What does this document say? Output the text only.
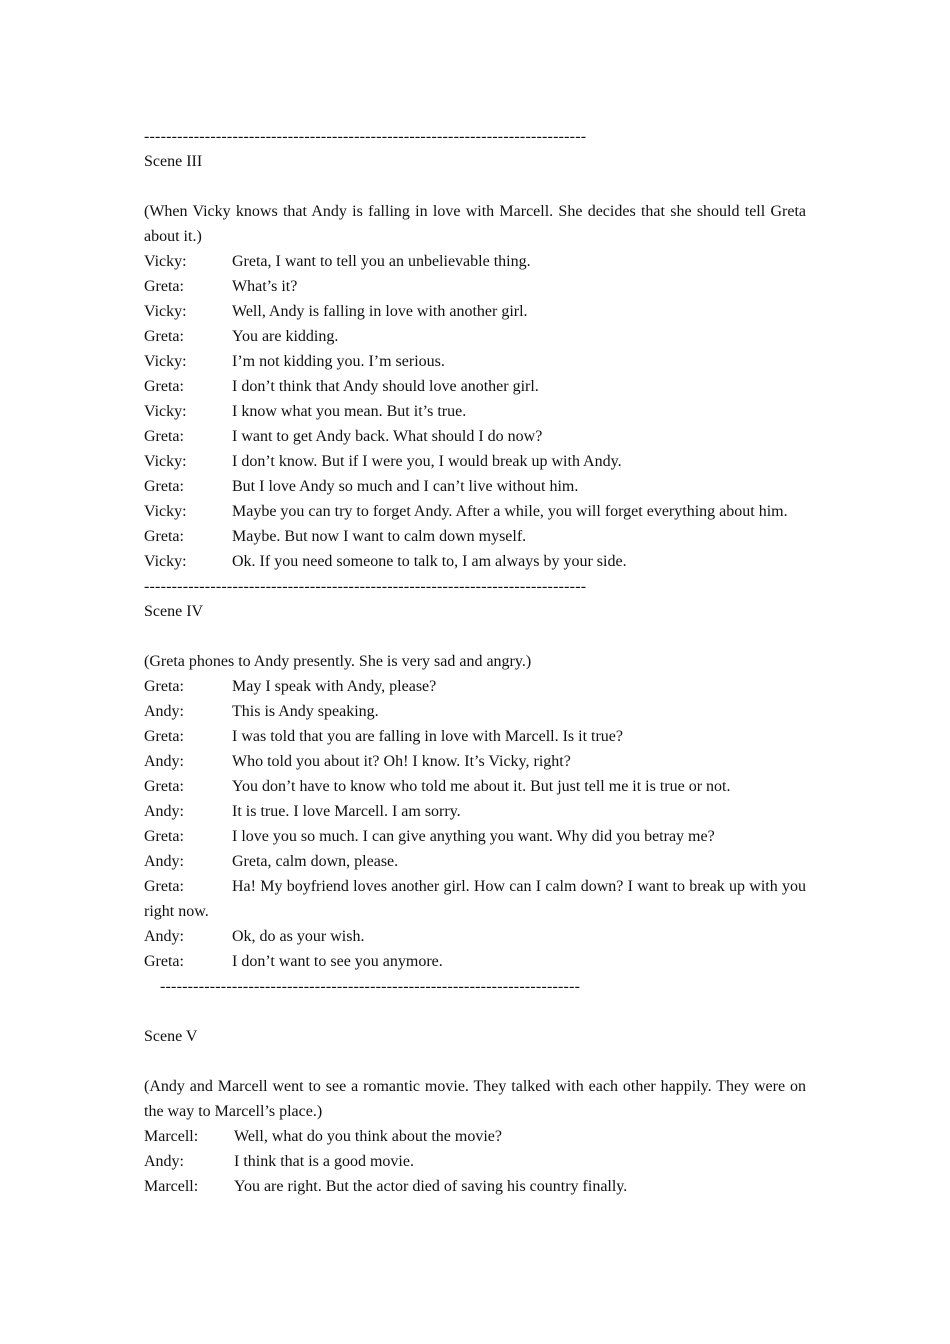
--------------------------------------------------------------------------------
Scene III
(When Vicky knows that Andy is falling in love with Marcell. She decides that she should tell Greta about it.)
Vicky:	Greta, I want to tell you an unbelievable thing.
Greta:	What’s it?
Vicky:	Well, Andy is falling in love with another girl.
Greta:	You are kidding.
Vicky:	I’m not kidding you. I’m serious.
Greta:	I don’t think that Andy should love another girl.
Vicky:	I know what you mean. But it’s true.
Greta:	I want to get Andy back. What should I do now?
Vicky:	I don’t know. But if I were you, I would break up with Andy.
Greta:	But I love Andy so much and I can’t live without him.
Vicky:	Maybe you can try to forget Andy. After a while, you will forget everything about him.
Greta:	Maybe. But now I want to calm down myself.
Vicky:	Ok. If you need someone to talk to, I am always by your side.
--------------------------------------------------------------------------------
Scene IV
(Greta phones to Andy presently. She is very sad and angry.)
Greta:	May I speak with Andy, please?
Andy:	This is Andy speaking.
Greta:	I was told that you are falling in love with Marcell. Is it true?
Andy:	Who told you about it? Oh! I know. It’s Vicky, right?
Greta:	You don’t have to know who told me about it. But just tell me it is true or not.
Andy:	It is true. I love Marcell. I am sorry.
Greta:	I love you so much. I can give anything you want. Why did you betray me?
Andy:	Greta, calm down, please.
Greta:	Ha! My boyfriend loves another girl. How can I calm down? I want to break up with you right now.
Andy:	Ok, do as your wish.
Greta:	I don’t want to see you anymore.
----------------------------------------------------------------------------
Scene V
(Andy and Marcell went to see a romantic movie. They talked with each other happily. They were on the way to Marcell’s place.)
Marcell: Well, what do you think about the movie?
Andy:	I think that is a good movie.
Marcell: You are right. But the actor died of saving his country finally.
